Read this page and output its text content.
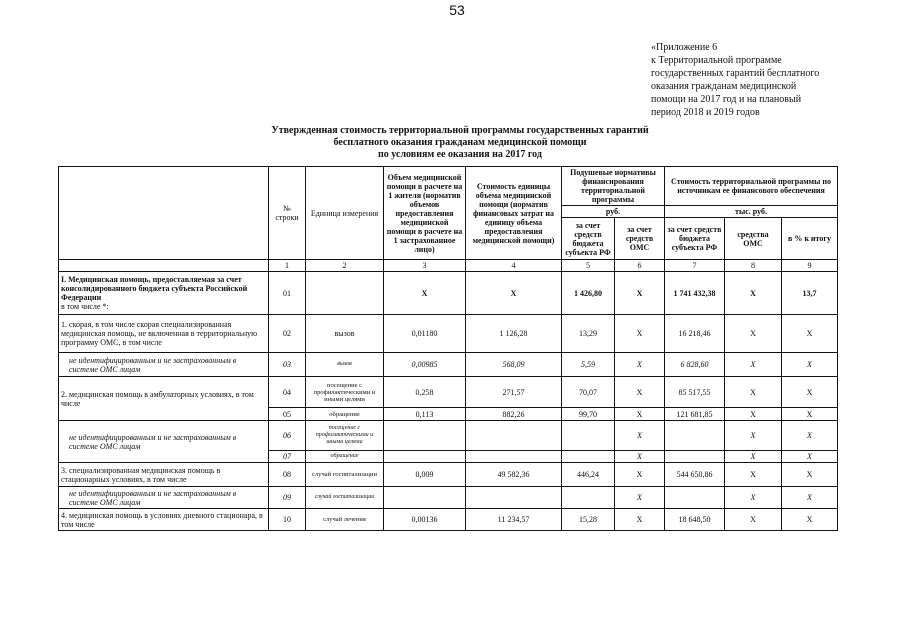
53
«Приложение 6
к Территориальной программе
государственных гарантий бесплатного
оказания гражданам медицинской
помощи на 2017 год и на плановый
период 2018 и 2019 годов
Утвержденная стоимость территориальной программы государственных гарантий
бесплатного оказания гражданам медицинской помощи
по условиям ее оказания на 2017 год
	№ строки	Единица измерения	Объем медицинской помощи в расчете на 1 жителя (норматив объемов предоставления медицинской помощи в расчете на 1 застрахованное лицо)	Стоимость единицы объема медицинской помощи (норматив финансовых затрат на единицу объема предоставления медицинской помощи)	Подушевые нормативы финансирования территориальной программы		Стоимость территориальной программы по источникам ее финансового обеспечения		
					руб.		тыс. руб.		
					за счет средств бюджета субъекта РФ	за счет средств ОМС	за счет средств бюджета субъекта РФ	средства ОМС	в % к итогу
	1	2	3	4	5	6	7	8	9
I. Медицинская помощь, предоставляемая за счет консолидированного бюджета субъекта Российской Федерации
в том числе *:	01		X	X	1 426,80	X	1 741 432,38	X	13,7
1. скорая, в том числе скорая специализированная медицинская помощь, не включенная в территориальную программу ОМС, в том числе	02	вызов	0,01180	1 126,28	13,29	X	16 218,46	X	X
не идентифицированным и не застрахованным в системе ОМС лицам	03	вызов	0,00985	568,09	5,59	X	6 828,60	X	X
2. медицинская помощь в амбулаторных условиях, в том числе	04	посещение с профилактическими и иными целями	0,258	271,57	70,07	X	85 517,55	X	X
	05	обращение	0,113	882,26	99,70	X	121 681,85	X	X
не идентифицированным и не застрахованным в системе ОМС лицам	06	посещение с профилактическими и иными целями				X		X	X
	07	обращение				X		X	X
3. специализированная медицинская помощь в стационарных условиях, в том числе	08	случай госпитализации	0,009	49 582,36	446,24	X	544 650,86	X	X
не идентифицированным и не застрахованным в системе ОМС лицам	09	случай госпитализации				X		X	X
4. медицинская помощь в условиях дневного стационара, в том числе	10	случай лечения	0,00136	11 234,57	15,28	X	18 648,50	X	X
